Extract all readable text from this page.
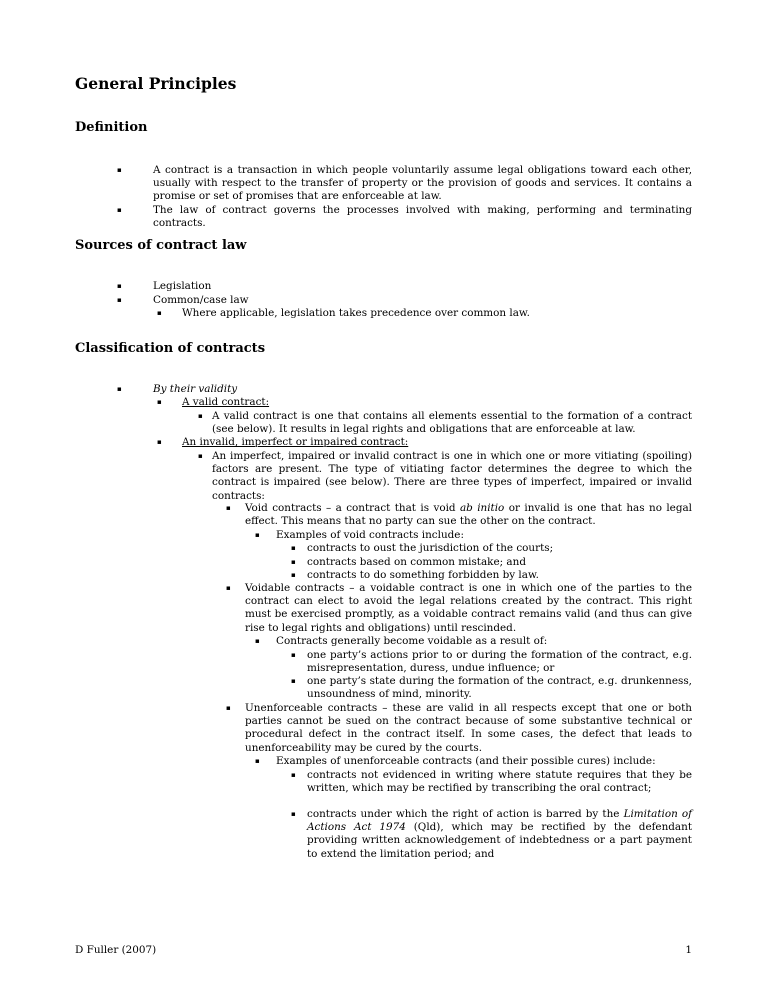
General Principles
Definition
▪	A contract is a transaction in which people voluntarily assume legal obligations toward each other, usually with respect to the transfer of property or the provision of goods and services. It contains a promise or set of promises that are enforceable at law.
▪	The law of contract governs the processes involved with making, performing and terminating contracts.
Sources of contract law
▪	Legislation
▪	Common/case law
▪ Where applicable, legislation takes precedence over common law.
Classification of contracts
▪	By their validity
▪ A valid contract:
▪ A valid contract is one that contains all elements essential to the formation of a contract (see below). It results in legal rights and obligations that are enforceable at law.
▪ An invalid, imperfect or impaired contract:
▪ An imperfect, impaired or invalid contract is one in which one or more vitiating (spoiling) factors are present. The type of vitiating factor determines the degree to which the contract is impaired (see below). There are three types of imperfect, impaired or invalid contracts:
▪ Void contracts – a contract that is void ab initio or invalid is one that has no legal effect. This means that no party can sue the other on the contract.
▪ Examples of void contracts include:
▪ contracts to oust the jurisdiction of the courts;
▪ contracts based on common mistake; and
▪ contracts to do something forbidden by law.
▪ Voidable contracts – a voidable contract is one in which one of the parties to the contract can elect to avoid the legal relations created by the contract. This right must be exercised promptly, as a voidable contract remains valid (and thus can give rise to legal rights and obligations) until rescinded.
▪ Contracts generally become voidable as a result of:
▪ one party’s actions prior to or during the formation of the contract, e.g. misrepresentation, duress, undue influence; or
▪ one party’s state during the formation of the contract, e.g. drunkenness, unsoundness of mind, minority.
▪ Unenforceable contracts – these are valid in all respects except that one or both parties cannot be sued on the contract because of some substantive technical or procedural defect in the contract itself. In some cases, the defect that leads to unenforceability may be cured by the courts.
▪ Examples of unenforceable contracts (and their possible cures) include:
▪ contracts not evidenced in writing where statute requires that they be written, which may be rectified by transcribing the oral contract;
▪ contracts under which the right of action is barred by the Limitation of Actions Act 1974 (Qld), which may be rectified by the defendant providing written acknowledgement of indebtedness or a part payment to extend the limitation period; and
D Fuller (2007)	1
